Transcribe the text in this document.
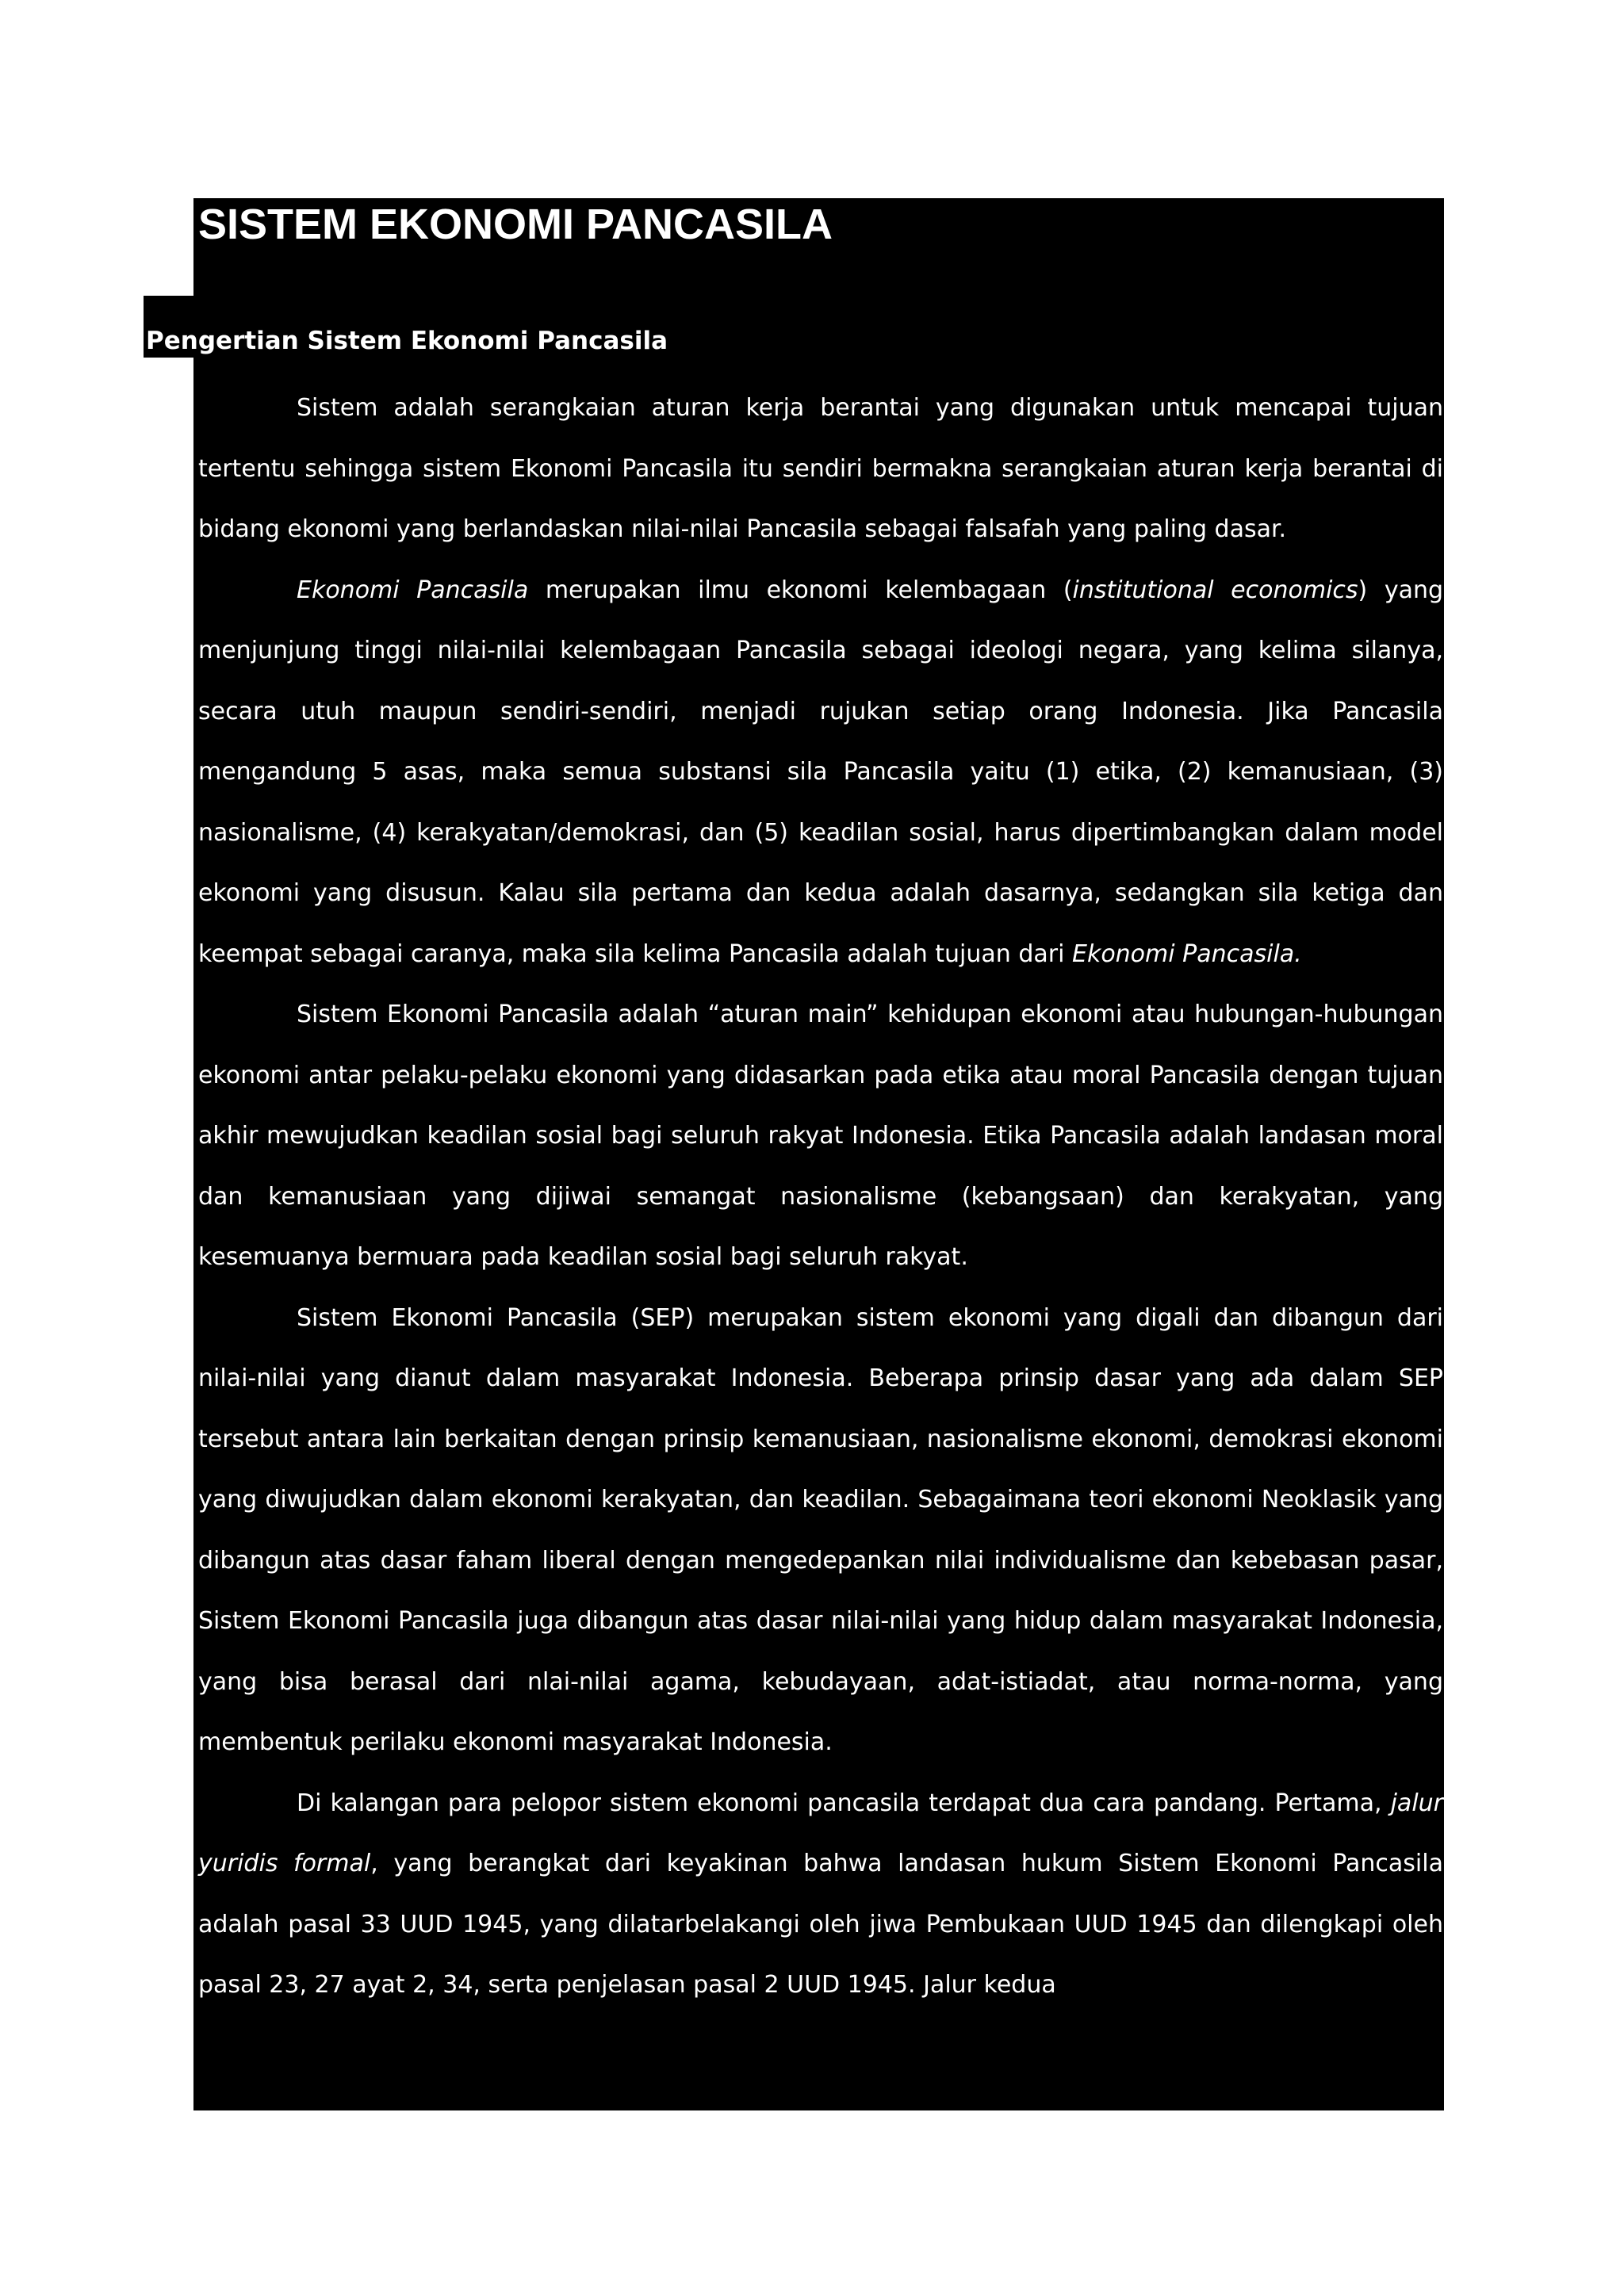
SISTEM EKONOMI PANCASILA
Pengertian Sistem Ekonomi Pancasila

Sistem adalah serangkaian aturan kerja berantai yang digunakan untuk mencapai tujuan tertentu sehingga sistem Ekonomi Pancasila itu sendiri bermakna serangkaian aturan kerja berantai di bidang ekonomi yang berlandaskan nilai-nilai Pancasila sebagai falsafah yang paling dasar.

Ekonomi Pancasila merupakan ilmu ekonomi kelembagaan (institutional economics) yang menjunjung tinggi nilai-nilai kelembagaan Pancasila sebagai ideologi negara, yang kelima silanya, secara utuh maupun sendiri-sendiri, menjadi rujukan setiap orang Indonesia. Jika Pancasila mengandung 5 asas, maka semua substansi sila Pancasila yaitu (1) etika, (2) kemanusiaan, (3) nasionalisme, (4) kerakyatan/demokrasi, dan (5) keadilan sosial, harus dipertimbangkan dalam model ekonomi yang disusun. Kalau sila pertama dan kedua adalah dasarnya, sedangkan sila ketiga dan keempat sebagai caranya, maka sila kelima Pancasila adalah tujuan dari Ekonomi Pancasila.

Sistem Ekonomi Pancasila adalah “aturan main” kehidupan ekonomi atau hubungan-hubungan ekonomi antar pelaku-pelaku ekonomi yang didasarkan pada etika atau moral Pancasila dengan tujuan akhir mewujudkan keadilan sosial bagi seluruh rakyat Indonesia. Etika Pancasila adalah landasan moral dan kemanusiaan yang dijiwai semangat nasionalisme (kebangsaan) dan kerakyatan, yang kesemuanya bermuara pada keadilan sosial bagi seluruh rakyat.

Sistem Ekonomi Pancasila (SEP) merupakan sistem ekonomi yang digali dan dibangun dari nilai-nilai yang dianut dalam masyarakat Indonesia. Beberapa prinsip dasar yang ada dalam SEP tersebut antara lain berkaitan dengan prinsip kemanusiaan, nasionalisme ekonomi, demokrasi ekonomi yang diwujudkan dalam ekonomi kerakyatan, dan keadilan. Sebagaimana teori ekonomi Neoklasik yang dibangun atas dasar faham liberal dengan mengedepankan nilai individualisme dan kebebasan pasar, Sistem Ekonomi Pancasila juga dibangun atas dasar nilai-nilai yang hidup dalam masyarakat Indonesia, yang bisa berasal dari nlai-nilai agama, kebudayaan, adat-istiadat, atau norma-norma, yang membentuk perilaku ekonomi masyarakat Indonesia.

Di kalangan para pelopor sistem ekonomi pancasila terdapat dua cara pandang. Pertama, jalur yuridis formal, yang berangkat dari keyakinan bahwa landasan hukum Sistem Ekonomi Pancasila adalah pasal 33 UUD 1945, yang dilatarbelakangi oleh jiwa Pembukaan UUD 1945 dan dilengkapi oleh pasal 23, 27 ayat 2, 34, serta penjelasan pasal 2 UUD 1945. Jalur kedua
